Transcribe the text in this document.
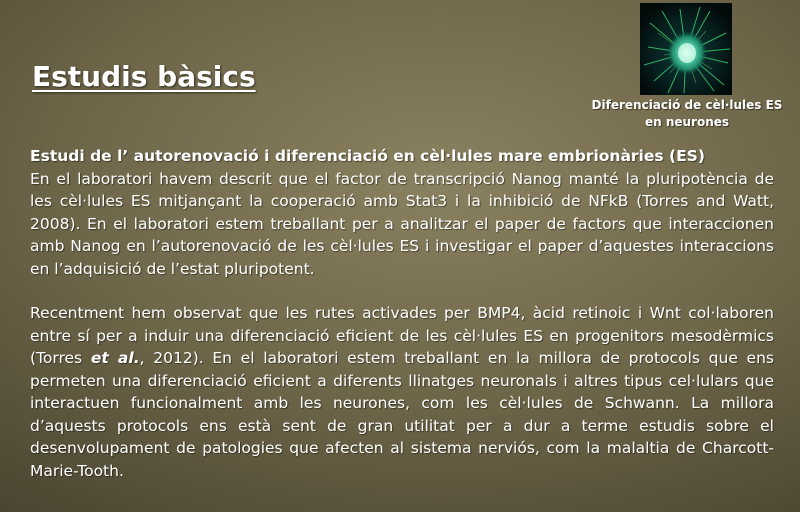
Estudis bàsics
Diferenciació de cèl·lules ES
en neurones

Estudi de l’ autorenovació i diferenciació en cèl·lules mare embrionàries (ES)

En el laboratori havem descrit que el factor de transcripció Nanog manté la pluripotència de les cèl·lules ES mitjançant la cooperació amb Stat3 i la inhibició de NFkB (Torres and Watt, 2008). En el laboratori estem treballant per a analitzar el paper de factors que interaccionen amb Nanog en l’autorenovació de les cèl·lules ES i investigar el paper d’aquestes interaccions en l’adquisició de l’estat pluripotent.

Recentment hem observat que les rutes activades per BMP4, àcid retinoic i Wnt col·laboren entre sí per a induir una diferenciació eficient de les cèl·lules ES en progenitors mesodèrmics (Torres et al., 2012). En el laboratori estem treballant en la millora de protocols que ens permeten una diferenciació eficient a diferents llinatges neuronals i altres tipus cel·lulars que interactuen funcionalment amb les neurones, com les cèl·lules de Schwann. La millora d’aquests protocols ens està sent de gran utilitat per a dur a terme estudis sobre el desenvolupament de patologies que afecten al sistema nerviós, com la malaltia de Charcott-Marie-Tooth.
